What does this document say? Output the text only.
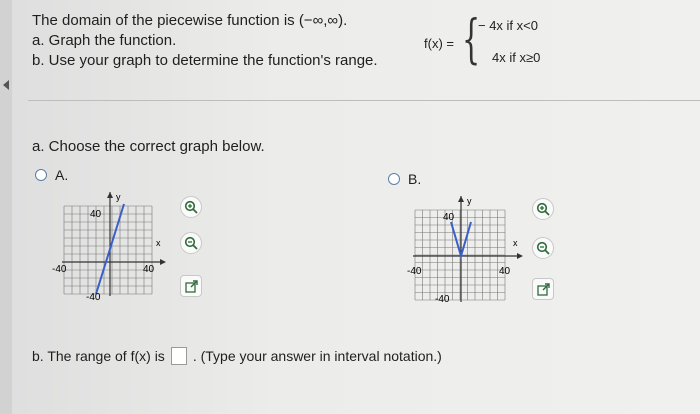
The domain of the piecewise function is (−∞,∞).
a. Graph the function.
b. Use your graph to determine the function's range.
f(x) = {
− 4x if x<0
4x if x≥0
a. Choose the correct graph below.
A.
y
x
40
-40	40
-40
B.
y
x
40
-40	40
-40
b. The range of f(x) is . (Type your answer in interval notation.)
